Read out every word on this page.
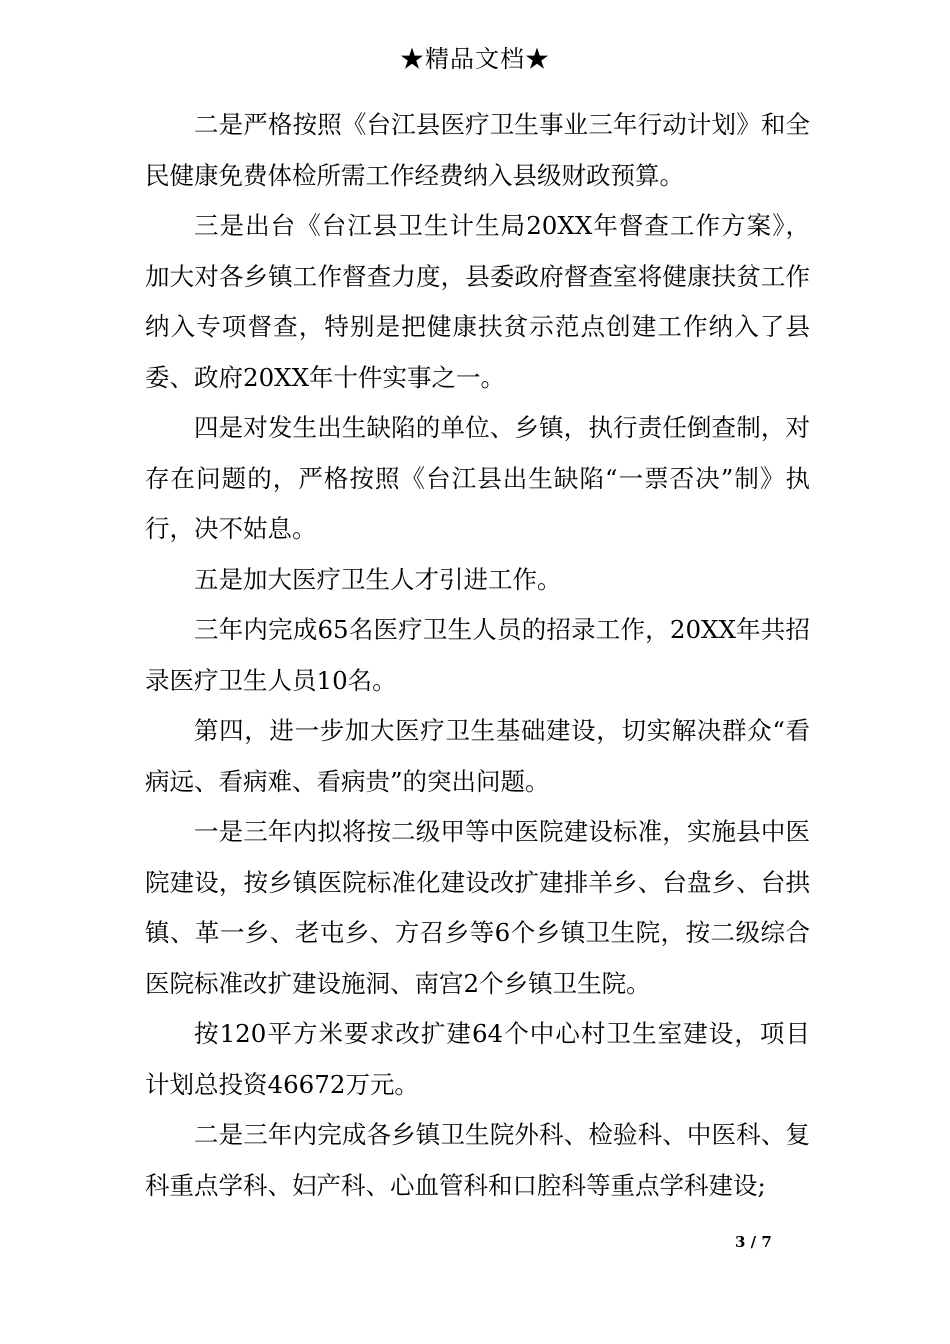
★精品文档★

二是严格按照《台江县医疗卫生事业三年行动计划》和全民健康免费体检所需工作经费纳入县级财政预算。

三是出台《台江县卫生计生局20XX年督查工作方案》，加大对各乡镇工作督查力度，县委政府督查室将健康扶贫工作纳入专项督查，特别是把健康扶贫示范点创建工作纳入了县委、政府20XX年十件实事之一。

四是对发生出生缺陷的单位、乡镇，执行责任倒查制，对存在问题的，严格按照《台江县出生缺陷“一票否决”制》执行，决不姑息。

五是加大医疗卫生人才引进工作。

三年内完成65名医疗卫生人员的招录工作，20XX年共招录医疗卫生人员10名。

第四，进一步加大医疗卫生基础建设，切实解决群众“看病远、看病难、看病贵”的突出问题。

一是三年内拟将按二级甲等中医院建设标准，实施县中医院建设，按乡镇医院标准化建设改扩建排羊乡、台盘乡、台拱镇、革一乡、老屯乡、方召乡等6个乡镇卫生院，按二级综合医院标准改扩建设施洞、南宫2个乡镇卫生院。

按120平方米要求改扩建64个中心村卫生室建设，项目计划总投资46672万元。

二是三年内完成各乡镇卫生院外科、检验科、中医科、复科重点学科、妇产科、心血管科和口腔科等重点学科建设;

3 / 7
